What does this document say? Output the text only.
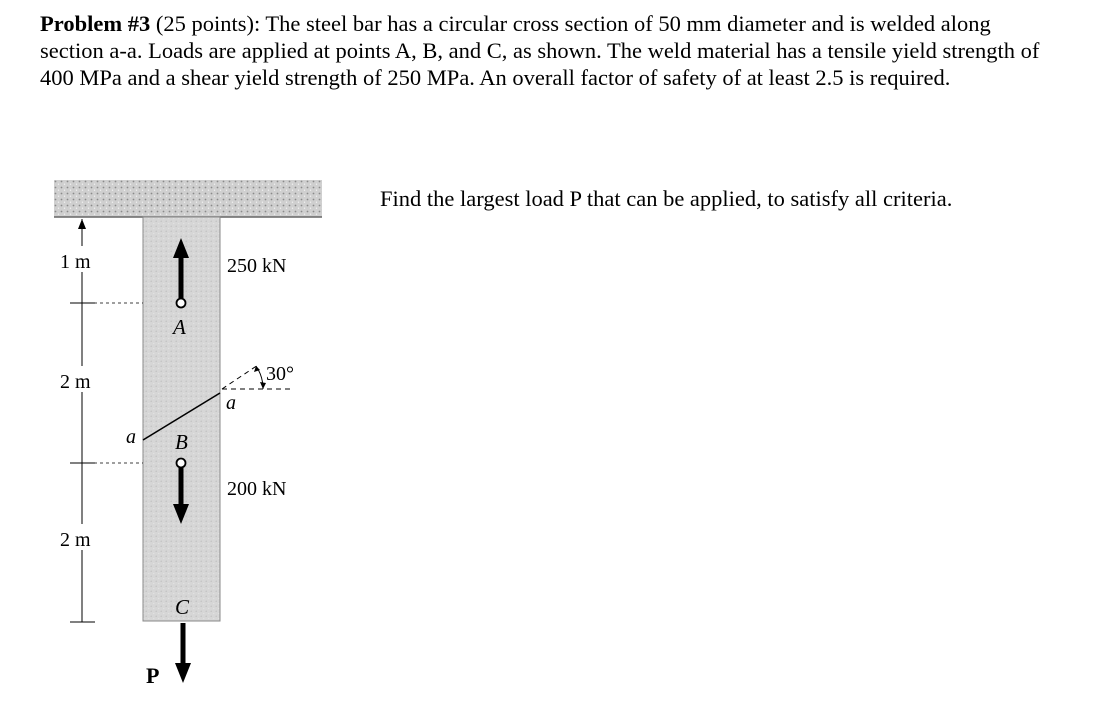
Problem #3 (25 points): The steel bar has a circular cross section of 50 mm diameter and is welded along section a-a. Loads are applied at points A, B, and C, as shown. The weld material has a tensile yield strength of 400 MPa and a shear yield strength of 250 MPa. An overall factor of safety of at least 2.5 is required.

Find the largest load P that can be applied, to satisfy all criteria.

1 m
2 m
2 m
A
B
C
P
250 kN
200 kN
30°
a
a
